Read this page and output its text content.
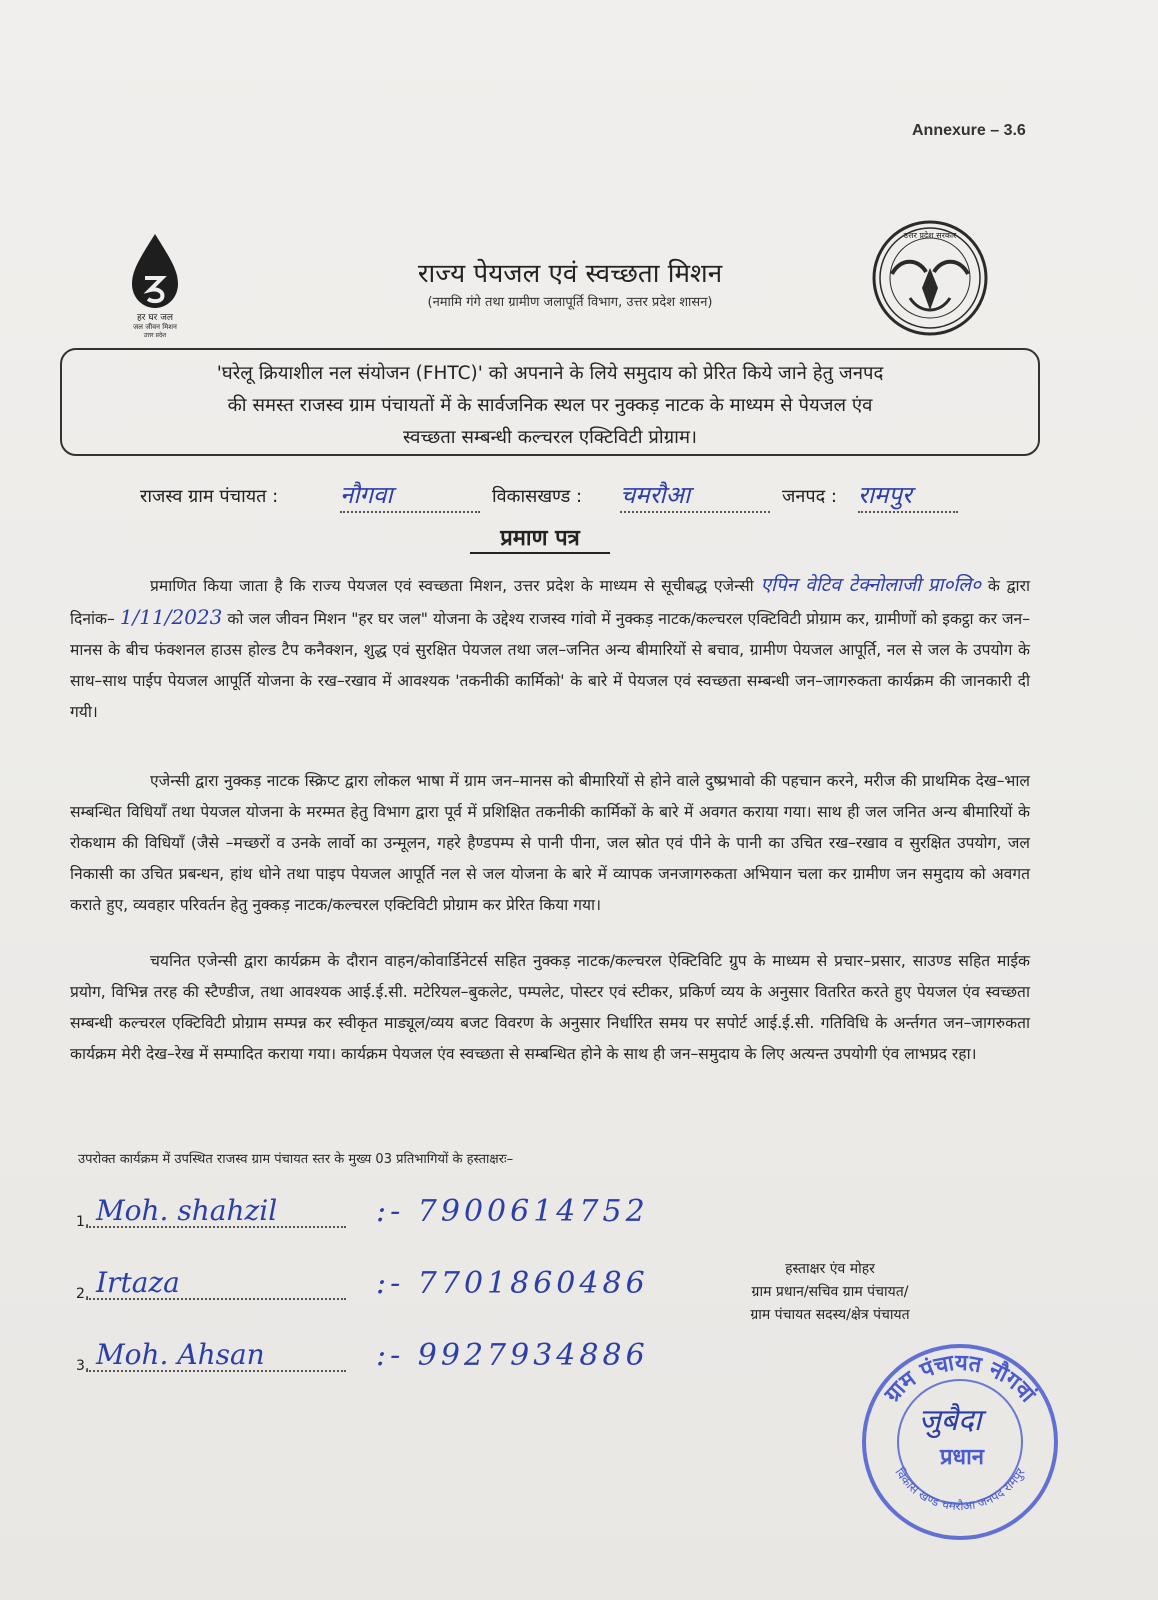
Annexure – 3.6
हर घर जल
जल जीवन मिशन
उत्तर प्रदेश
उत्तर प्रदेश सरकार
राज्य पेयजल एवं स्वच्छता मिशन
(नमामि गंगे तथा ग्रामीण जलापूर्ति विभाग, उत्तर प्रदेश शासन)
'घरेलू क्रियाशील नल संयोजन (FHTC)' को अपनाने के लिये समुदाय को प्रेरित किये जाने हेतु जनपद
की समस्त राजस्व ग्राम पंचायतों में के सार्वजनिक स्थल पर नुक्कड़ नाटक के माध्यम से पेयजल एंव
स्वच्छता सम्बन्धी कल्चरल एक्टिविटी प्रोग्राम।
राजस्व ग्राम पंचायत :	नौगवा	विकासखण्ड : चमरौआ	जनपद : रामपुर
प्रमाण पत्र
प्रमाणित किया जाता है कि राज्य पेयजल एवं स्वच्छता मिशन, उत्तर प्रदेश के माध्यम से सूचीबद्ध एजेन्सी एपिन वेटिव टेक्नोलाजी प्रा०लि० के द्वारा दिनांक– 1/11/2023 को जल जीवन मिशन "हर घर जल" योजना के उद्देश्य राजस्व गांवो में नुक्कड़ नाटक/कल्चरल एक्टिविटी प्रोग्राम कर, ग्रामीणों को इकट्ठा कर जन–मानस के बीच फंक्शनल हाउस होल्ड टैप कनैक्शन, शुद्ध एवं सुरक्षित पेयजल तथा जल–जनित अन्य बीमारियों से बचाव, ग्रामीण पेयजल आपूर्ति, नल से जल के उपयोग के साथ–साथ पाईप पेयजल आपूर्ति योजना के रख–रखाव में आवश्यक 'तकनीकी कार्मिको' के बारे में पेयजल एवं स्वच्छता सम्बन्धी जन–जागरुकता कार्यक्रम की जानकारी दी गयी।
एजेन्सी द्वारा नुक्कड़ नाटक स्क्रिप्ट द्वारा लोकल भाषा में ग्राम जन–मानस को बीमारियों से होने वाले दुष्प्रभावो की पहचान करने, मरीज की प्राथमिक देख–भाल सम्बन्धित विधियाँ तथा पेयजल योजना के मरम्मत हेतु विभाग द्वारा पूर्व में प्रशिक्षित तकनीकी कार्मिकों के बारे में अवगत कराया गया। साथ ही जल जनित अन्य बीमारियों के रोकथाम की विधियाँ (जैसे –मच्छरों व उनके लार्वो का उन्मूलन, गहरे हैण्डपम्प से पानी पीना, जल स्रोत एवं पीने के पानी का उचित रख–रखाव व सुरक्षित उपयोग, जल निकासी का उचित प्रबन्धन, हांथ धोने तथा पाइप पेयजल आपूर्ति नल से जल योजना के बारे में व्यापक जनजागरुकता अभियान चला कर ग्रामीण जन समुदाय को अवगत कराते हुए, व्यवहार परिवर्तन हेतु नुक्कड़ नाटक/कल्चरल एक्टिविटी प्रोग्राम कर प्रेरित किया गया।
चयनित एजेन्सी द्वारा कार्यक्रम के दौरान वाहन/कोवार्डिनेटर्स सहित नुक्कड़ नाटक/कल्चरल ऐक्टिविटि ग्रुप के माध्यम से प्रचार–प्रसार, साउण्ड सहित माईक प्रयोग, विभिन्न तरह की स्टैण्डीज, तथा आवश्यक आई.ई.सी. मटेरियल–बुकलेट, पम्पलेट, पोस्टर एवं स्टीकर, प्रकिर्ण व्यय के अनुसार वितरित करते हुए पेयजल एंव स्वच्छता सम्बन्धी कल्चरल एक्टिविटी प्रोग्राम सम्पन्न कर स्वीकृत माड्यूल/व्यय बजट विवरण के अनुसार निर्धारित समय पर सपोर्ट आई.ई.सी. गतिविधि के अर्न्तगत जन–जागरुकता कार्यक्रम मेरी देख–रेख में सम्पादित कराया गया। कार्यक्रम पेयजल एंव स्वच्छता से सम्बन्धित होने के साथ ही जन–समुदाय के लिए अत्यन्त उपयोगी एंव लाभप्रद रहा।
उपरोक्त कार्यक्रम में उपस्थित राजस्व ग्राम पंचायत स्तर के मुख्य 03 प्रतिभागियों के हस्ताक्षरः–
1. Moh. shahzil	:- 7900614752
2. Irtaza	:- 7701860486
3. Moh. Ahsan	:- 9927934886
हस्ताक्षर एंव मोहर
ग्राम प्रधान/सचिव ग्राम पंचायत/
ग्राम पंचायत सदस्य/क्षेत्र पंचायत
ग्राम पंचायत नौगवां
विकास खण्ड चमरौआ जनपद रामपुर
जुबैदा
प्रधान
